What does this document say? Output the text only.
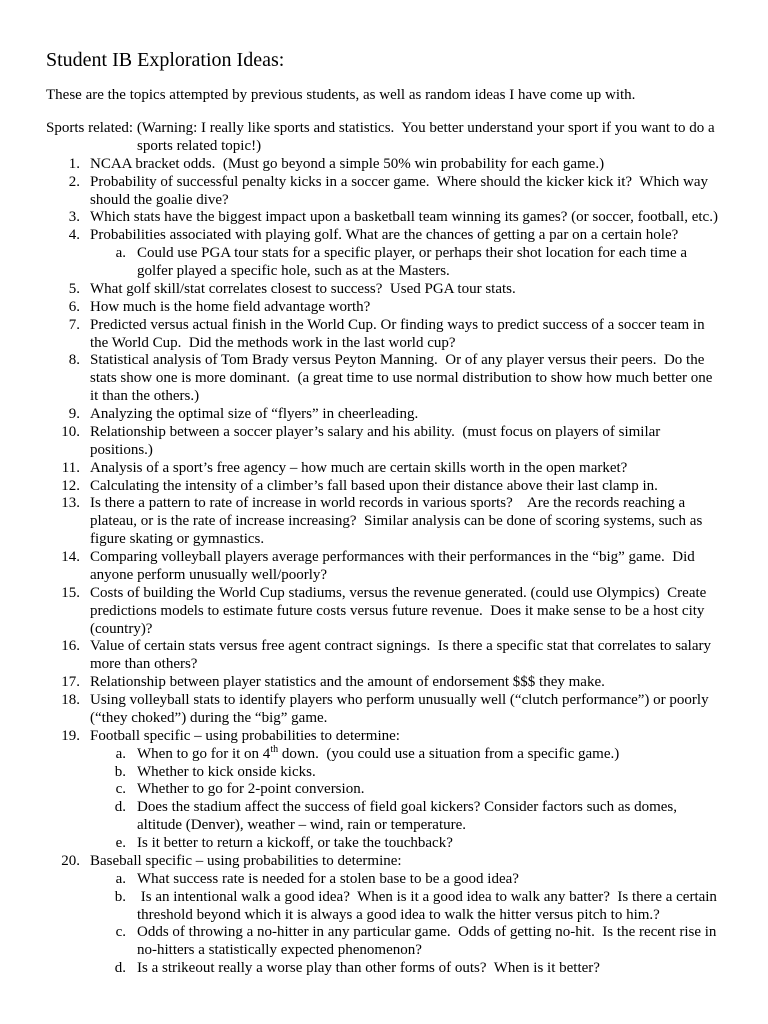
Student IB Exploration Ideas:

These are the topics attempted by previous students, as well as random ideas I have come up with.

Sports related: (Warning: I really like sports and statistics.  You better understand your sport if you want to do a
sports related topic!)

1. NCAA bracket odds.  (Must go beyond a simple 50% win probability for each game.)
2. Probability of successful penalty kicks in a soccer game.  Where should the kicker kick it?  Which way
should the goalie dive?
3. Which stats have the biggest impact upon a basketball team winning its games? (or soccer, football, etc.)
4. Probabilities associated with playing golf. What are the chances of getting a par on a certain hole?
a. Could use PGA tour stats for a specific player, or perhaps their shot location for each time a
golfer played a specific hole, such as at the Masters.
5. What golf skill/stat correlates closest to success?  Used PGA tour stats.
6. How much is the home field advantage worth?
7. Predicted versus actual finish in the World Cup. Or finding ways to predict success of a soccer team in
the World Cup.  Did the methods work in the last world cup?
8. Statistical analysis of Tom Brady versus Peyton Manning.  Or of any player versus their peers.  Do the
stats show one is more dominant.  (a great time to use normal distribution to show how much better one
it than the others.)
9. Analyzing the optimal size of “flyers” in cheerleading.
10. Relationship between a soccer player’s salary and his ability.  (must focus on players of similar
positions.)
11. Analysis of a sport’s free agency – how much are certain skills worth in the open market?
12. Calculating the intensity of a climber’s fall based upon their distance above their last clamp in.
13. Is there a pattern to rate of increase in world records in various sports?    Are the records reaching a
plateau, or is the rate of increase increasing?  Similar analysis can be done of scoring systems, such as
figure skating or gymnastics.
14. Comparing volleyball players average performances with their performances in the “big” game.  Did
anyone perform unusually well/poorly?
15. Costs of building the World Cup stadiums, versus the revenue generated. (could use Olympics)  Create
predictions models to estimate future costs versus future revenue.  Does it make sense to be a host city
(country)?
16. Value of certain stats versus free agent contract signings.  Is there a specific stat that correlates to salary
more than others?
17. Relationship between player statistics and the amount of endorsement $$$ they make.
18. Using volleyball stats to identify players who perform unusually well (“clutch performance”) or poorly
(“they choked”) during the “big” game.
19. Football specific – using probabilities to determine:
a. When to go for it on 4th down.  (you could use a situation from a specific game.)
b. Whether to kick onside kicks.
c. Whether to go for 2-point conversion.
d. Does the stadium affect the success of field goal kickers? Consider factors such as domes,
altitude (Denver), weather – wind, rain or temperature.
e. Is it better to return a kickoff, or take the touchback?
20. Baseball specific – using probabilities to determine:
a. What success rate is needed for a stolen base to be a good idea?
b. Is an intentional walk a good idea?  When is it a good idea to walk any batter?  Is there a certain
threshold beyond which it is always a good idea to walk the hitter versus pitch to him.?
c. Odds of throwing a no-hitter in any particular game.  Odds of getting no-hit.  Is the recent rise in
no-hitters a statistically expected phenomenon?
d. Is a strikeout really a worse play than other forms of outs?  When is it better?
